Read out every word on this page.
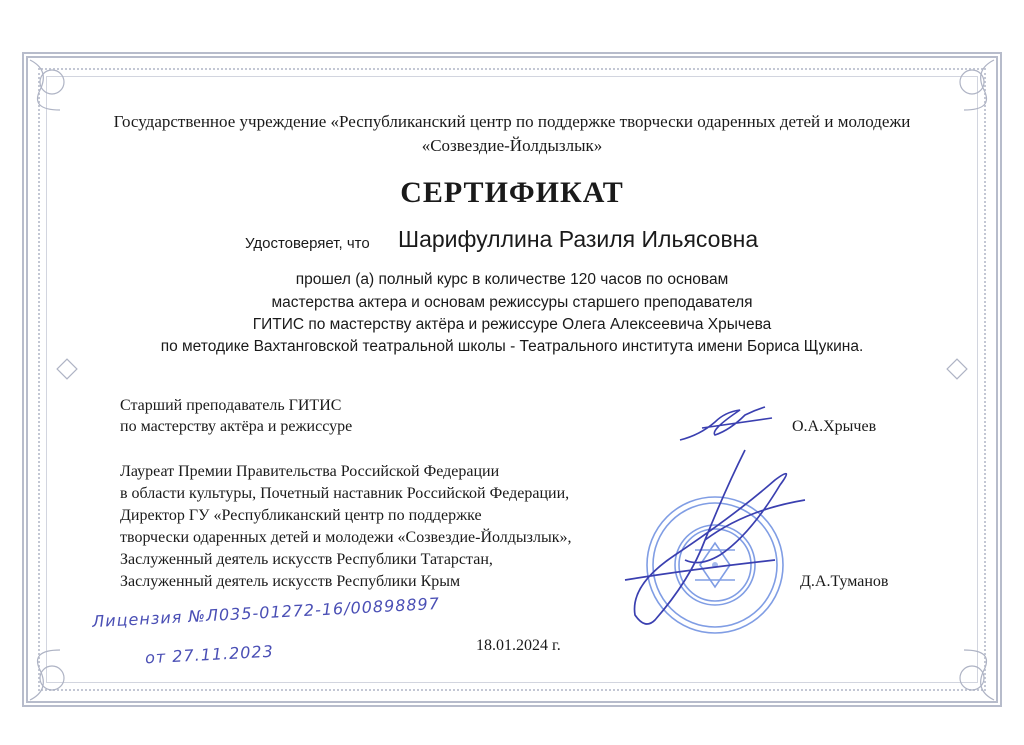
Государственное учреждение «Республиканский центр по поддержке творчески одаренных детей и молодежи
«Созвездие-Йолдызлык»
СЕРТИФИКАТ
Удостоверяет, что Шарифуллина Разиля Ильясовна
прошел (а) полный курс в количестве 120 часов по основам
мастерства актера и основам режиссуры старшего преподавателя
ГИТИС по мастерству актёра и режиссуре Олега Алексеевича Хрычева
по методике Вахтанговской театральной школы - Театрального института имени Бориса Щукина.
Старший преподаватель ГИТИС
по мастерству актёра и режиссуре	О.А.Хрычев
Лауреат Премии Правительства Российской Федерации
в области культуры, Почетный наставник Российской Федерации,
Директор ГУ «Республиканский центр по поддержке
творчески одаренных детей и молодежи «Созвездие-Йолдызлык»,
Заслуженный деятель искусств Республики Татарстан,
Заслуженный деятель искусств Республики Крым	Д.А.Туманов
Лицензия №Л035-01272-16/00898897
от 27.11.2023	18.01.2024 г.
